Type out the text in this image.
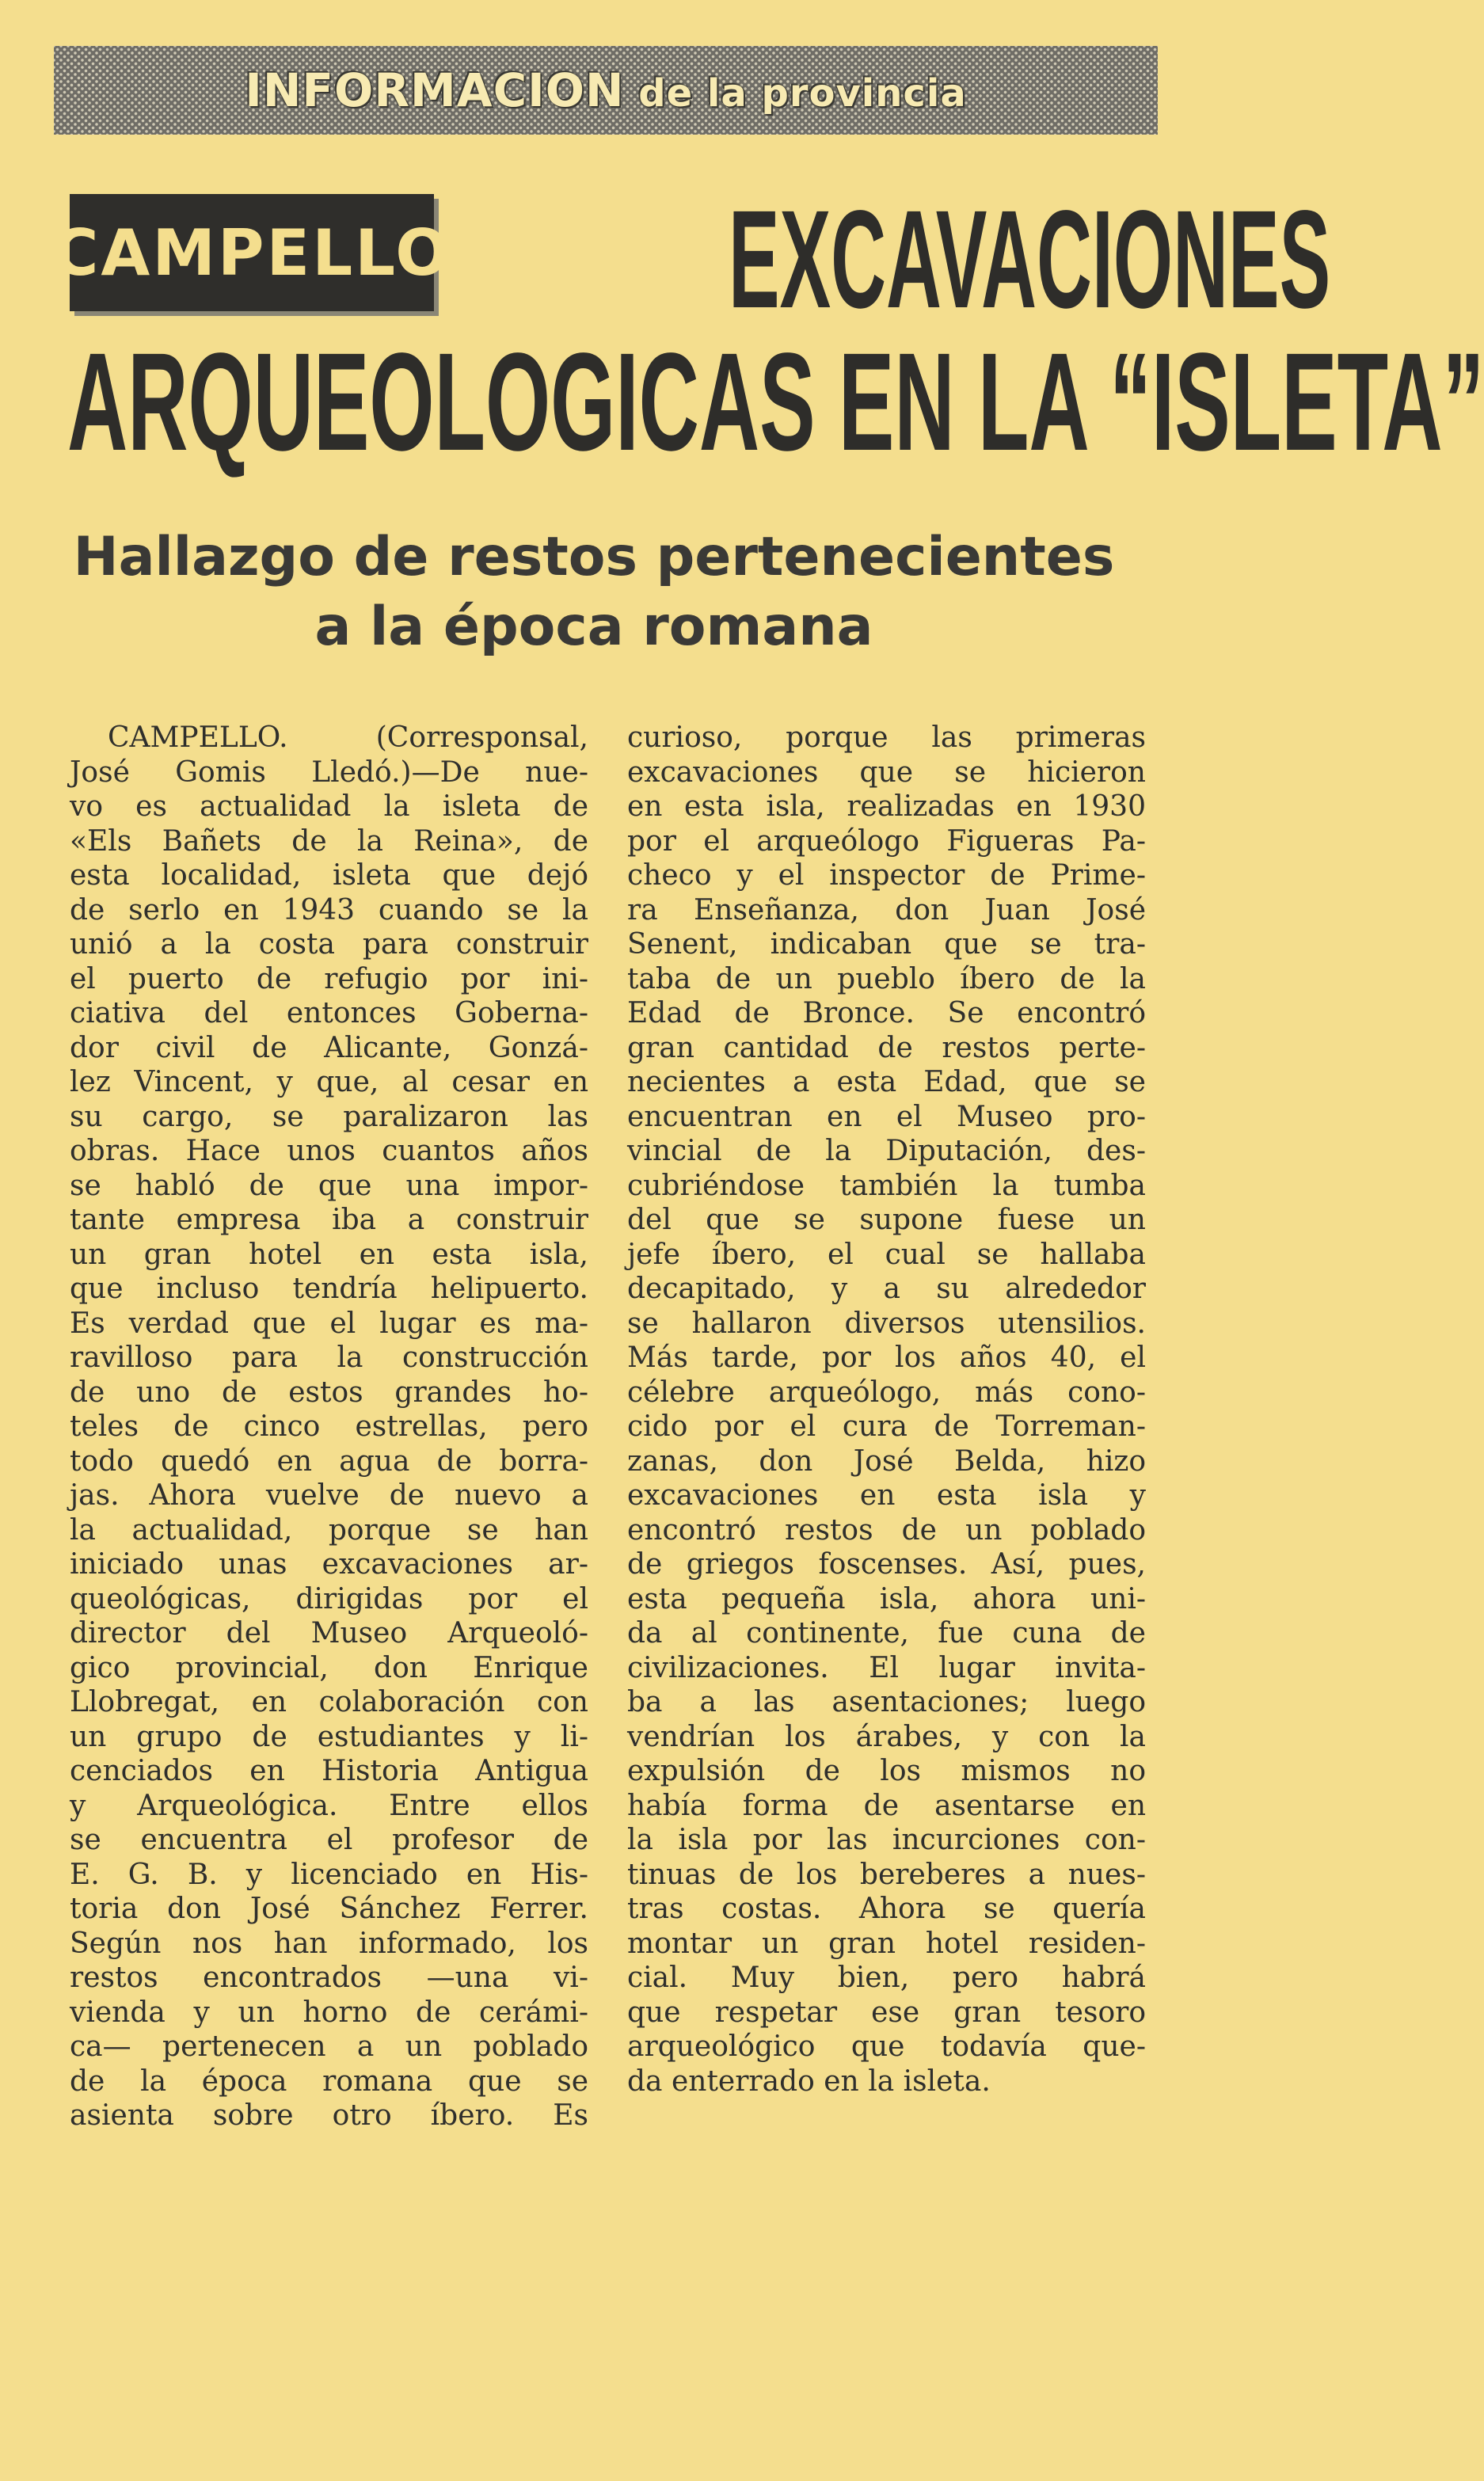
INFORMACION de la provincia
CAMPELLO EXCAVACIONES
ARQUEOLOGICAS EN LA “ISLETA”
Hallazgo de restos pertenecientes
a la época romana
CAMPELLO. (Corresponsal,
José Gomis Lledó.)—De nue-
vo es actualidad la isleta de
«Els Bañets de la Reina», de
esta localidad, isleta que dejó
de serlo en 1943 cuando se la
unió a la costa para construir
el puerto de refugio por ini-
ciativa del entonces Goberna-
dor civil de Alicante, Gonzá-
lez Vincent, y que, al cesar en
su cargo, se paralizaron las
obras. Hace unos cuantos años
se habló de que una impor-
tante empresa iba a construir
un gran hotel en esta isla,
que incluso tendría helipuerto.
Es verdad que el lugar es ma-
ravilloso para la construcción
de uno de estos grandes ho-
teles de cinco estrellas, pero
todo quedó en agua de borra-
jas. Ahora vuelve de nuevo a
la actualidad, porque se han
iniciado unas excavaciones ar-
queológicas, dirigidas por el
director del Museo Arqueoló-
gico provincial, don Enrique
Llobregat, en colaboración con
un grupo de estudiantes y li-
cenciados en Historia Antigua
y Arqueológica. Entre ellos
se encuentra el profesor de
E. G. B. y licenciado en His-
toria don José Sánchez Ferrer.
Según nos han informado, los
restos encontrados —una vi-
vienda y un horno de cerámi-
ca— pertenecen a un poblado
de la época romana que se
asienta sobre otro íbero. Es
curioso, porque las primeras
excavaciones que se hicieron
en esta isla, realizadas en 1930
por el arqueólogo Figueras Pa-
checo y el inspector de Prime-
ra Enseñanza, don Juan José
Senent, indicaban que se tra-
taba de un pueblo íbero de la
Edad de Bronce. Se encontró
gran cantidad de restos perte-
necientes a esta Edad, que se
encuentran en el Museo pro-
vincial de la Diputación, des-
cubriéndose también la tumba
del que se supone fuese un
jefe íbero, el cual se hallaba
decapitado, y a su alrededor
se hallaron diversos utensilios.
Más tarde, por los años 40, el
célebre arqueólogo, más cono-
cido por el cura de Torreman-
zanas, don José Belda, hizo
excavaciones en esta isla y
encontró restos de un poblado
de griegos foscenses. Así, pues,
esta pequeña isla, ahora uni-
da al continente, fue cuna de
civilizaciones. El lugar invita-
ba a las asentaciones; luego
vendrían los árabes, y con la
expulsión de los mismos no
había forma de asentarse en
la isla por las incurciones con-
tinuas de los bereberes a nues-
tras costas. Ahora se quería
montar un gran hotel residen-
cial. Muy bien, pero habrá
que respetar ese gran tesoro
arqueológico que todavía que-
da enterrado en la isleta.
